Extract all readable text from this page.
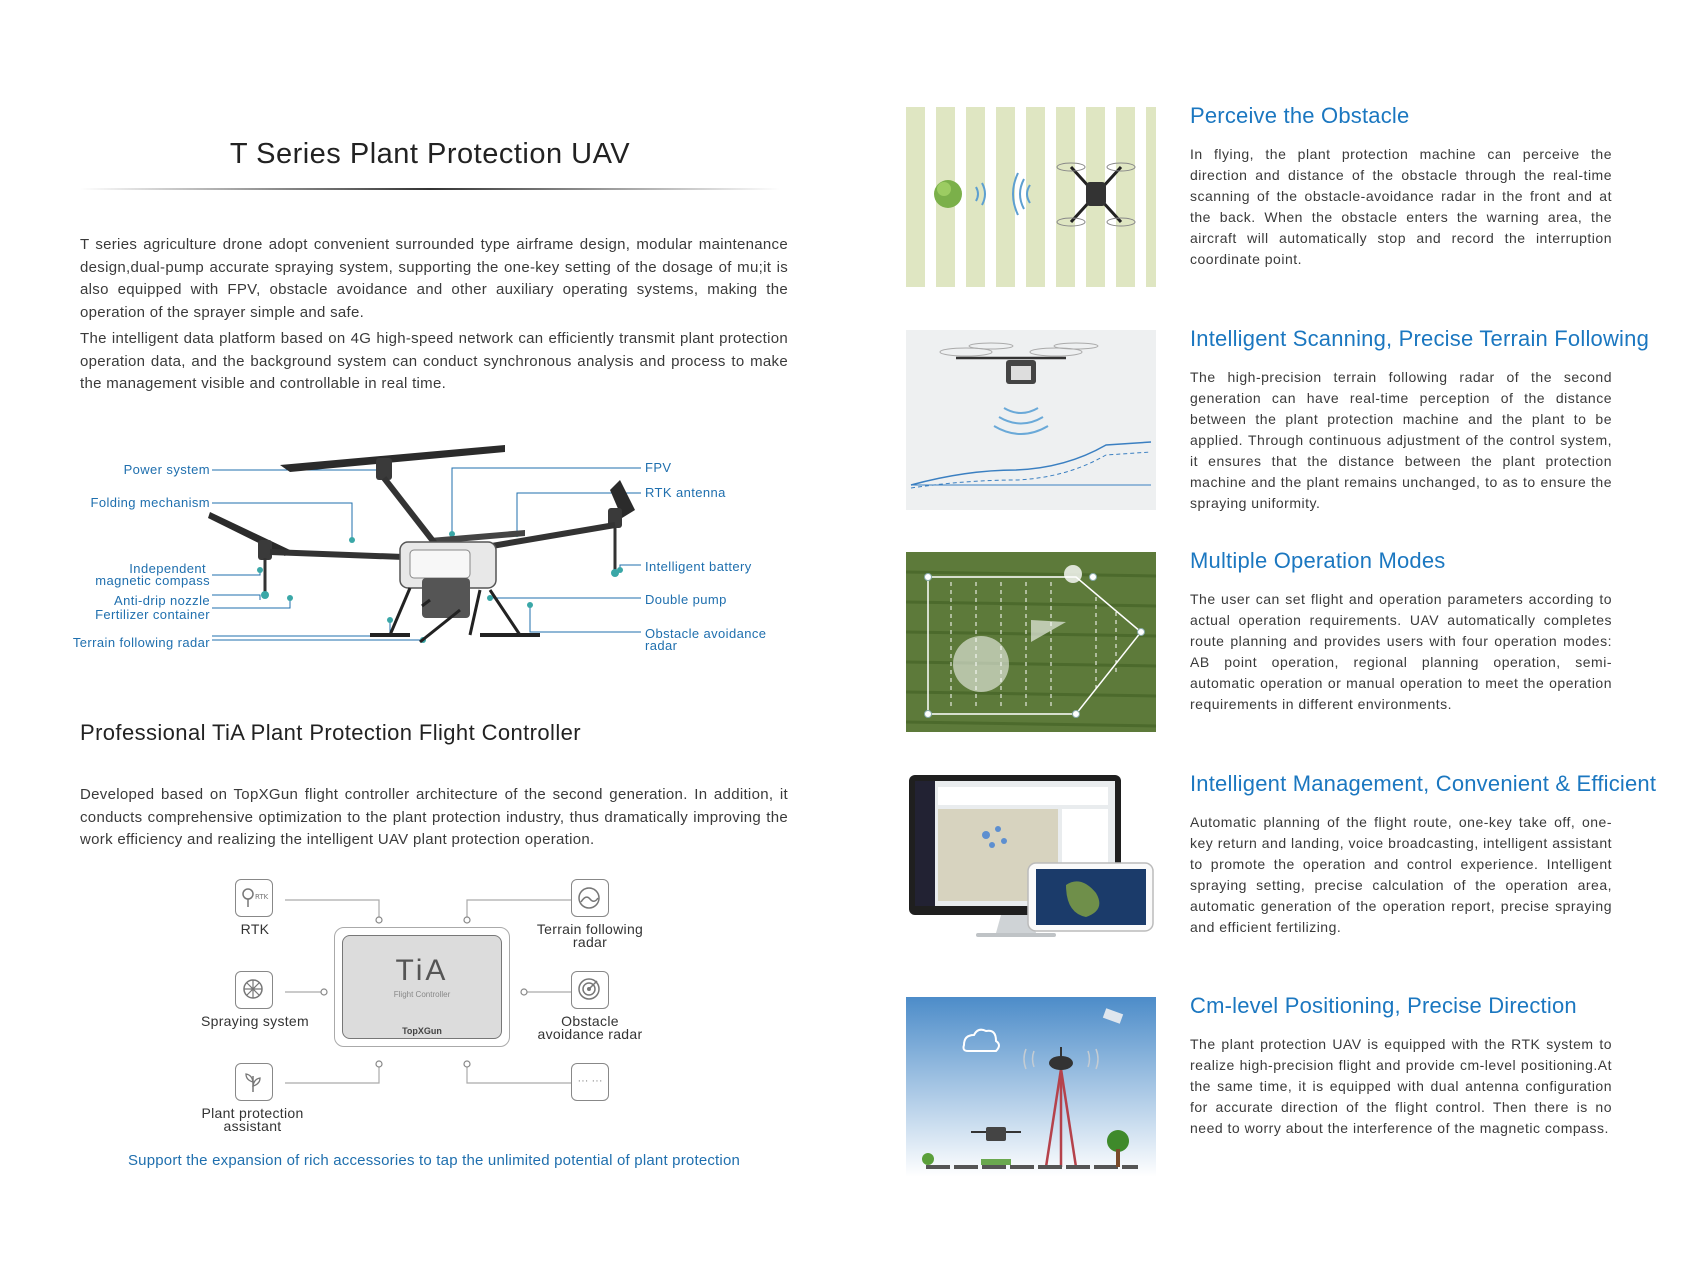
T Series Plant Protection UAV

T series agriculture drone adopt convenient surrounded type airframe design, modular maintenance design,dual-pump accurate spraying system, supporting the one-key setting of the dosage of mu;it is also equipped with FPV, obstacle avoidance and other auxiliary operating systems, making the operation of the sprayer simple and safe.

The intelligent data platform based on 4G high-speed network can efficiently transmit plant protection operation data, and the background system can conduct synchronous analysis and process to make the management visible and controllable in real time.

Power system
Folding mechanism
Independent
magnetic compass
Anti-drip nozzle
Fertilizer container
Terrain following radar
FPV
RTK antenna
Intelligent battery
Double pump
Obstacle avoidance
radar
Professional TiA Plant Protection Flight Controller
Developed based on TopXGun flight controller architecture of the second generation. In addition, it conducts comprehensive optimization to the plant protection industry, thus dramatically improving the work efficiency and realizing the intelligent UAV plant protection operation.
TiA
Flight Controller
TopXGun
RTK
RTK	Terrain following
radar
Spraying system	Obstacle
avoidance radar
Plant protection
assistant
··· ···
Support the expansion of rich accessories to tap the unlimited potential of plant protection
Perceive the Obstacle
In flying, the plant protection machine can perceive the direction and distance of the obstacle through the real-time scanning of the obstacle-avoidance radar in the front and at the back. When the obstacle enters the warning area, the aircraft will automatically stop and record the interruption coordinate point.
Intelligent Scanning, Precise Terrain Following
The high-precision terrain following radar of the second generation can have real-time perception of the distance between the plant protection machine and the plant to be applied. Through continuous adjustment of the control system, it ensures that the distance between the plant protection machine and the plant remains unchanged, to as to ensure the spraying uniformity.
Multiple Operation Modes
The user can set flight and operation parameters according to actual operation requirements. UAV automatically completes route planning and provides users with four operation modes: AB point operation, regional planning operation, semi-automatic operation or manual operation to meet the operation requirements in different environments.
Intelligent Management, Convenient & Efficient
Automatic planning of the flight route, one-key take off, one-key return and landing, voice broadcasting, intelligent assistant to promote the operation and control experience. Intelligent spraying setting, precise calculation of the operation area, automatic generation of the operation report, precise spraying and efficient fertilizing.
Cm-level Positioning, Precise Direction
The plant protection UAV is equipped with the RTK system to realize high-precision flight and provide cm-level positioning.At the same time, it is equipped with dual antenna configuration for accurate direction of the flight control. Then there is no need to worry about the interference of the magnetic compass.
